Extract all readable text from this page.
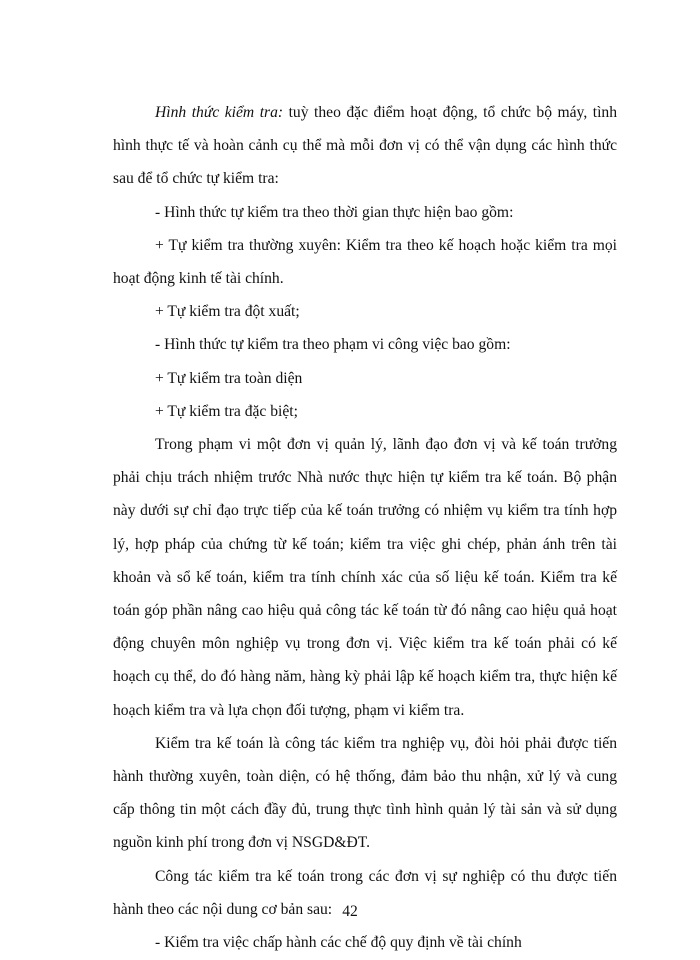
Hình thức kiểm tra: tuỳ theo đặc điểm hoạt động, tổ chức bộ máy, tình hình thực tế và hoàn cảnh cụ thể mà mỗi đơn vị có thể vận dụng các hình thức sau để tổ chức tự kiểm tra:

- Hình thức tự kiểm tra theo thời gian thực hiện bao gồm:

+ Tự kiểm tra thường xuyên: Kiểm tra theo kế hoạch hoặc kiểm tra mọi hoạt động kinh tế tài chính.

+ Tự kiểm tra đột xuất;

- Hình thức tự kiểm tra theo phạm vi công việc bao gồm:

+ Tự kiểm tra toàn diện

+ Tự kiểm tra đặc biệt;

Trong phạm vi một đơn vị quản lý, lãnh đạo đơn vị và kế toán trưởng phải chịu trách nhiệm trước Nhà nước thực hiện tự kiểm tra kế toán. Bộ phận này dưới sự chỉ đạo trực tiếp của kế toán trưởng có nhiệm vụ kiểm tra tính hợp lý, hợp pháp của chứng từ kế toán; kiểm tra việc ghi chép, phản ánh trên tài khoản và sổ kế toán, kiểm tra tính chính xác của số liệu kế toán. Kiểm tra kế toán góp phần nâng cao hiệu quả công tác kế toán từ đó nâng cao hiệu quả hoạt động chuyên môn nghiệp vụ trong đơn vị. Việc kiểm tra kế toán phải có kế hoạch cụ thể, do đó hàng năm, hàng kỳ phải lập kế hoạch kiểm tra, thực hiện kế hoạch kiểm tra và lựa chọn đối tượng, phạm vi kiểm tra.

Kiểm tra kế toán là công tác kiểm tra nghiệp vụ, đòi hỏi phải được tiến hành thường xuyên, toàn diện, có hệ thống, đảm bảo thu nhận, xử lý và cung cấp thông tin một cách đầy đủ, trung thực tình hình quản lý tài sản và sử dụng nguồn kinh phí trong đơn vị NSGD&ĐT.

Công tác kiểm tra kế toán trong các đơn vị sự nghiệp có thu được tiến hành theo các nội dung cơ bản sau:

- Kiểm tra việc chấp hành các chế độ quy định về tài chính

42
